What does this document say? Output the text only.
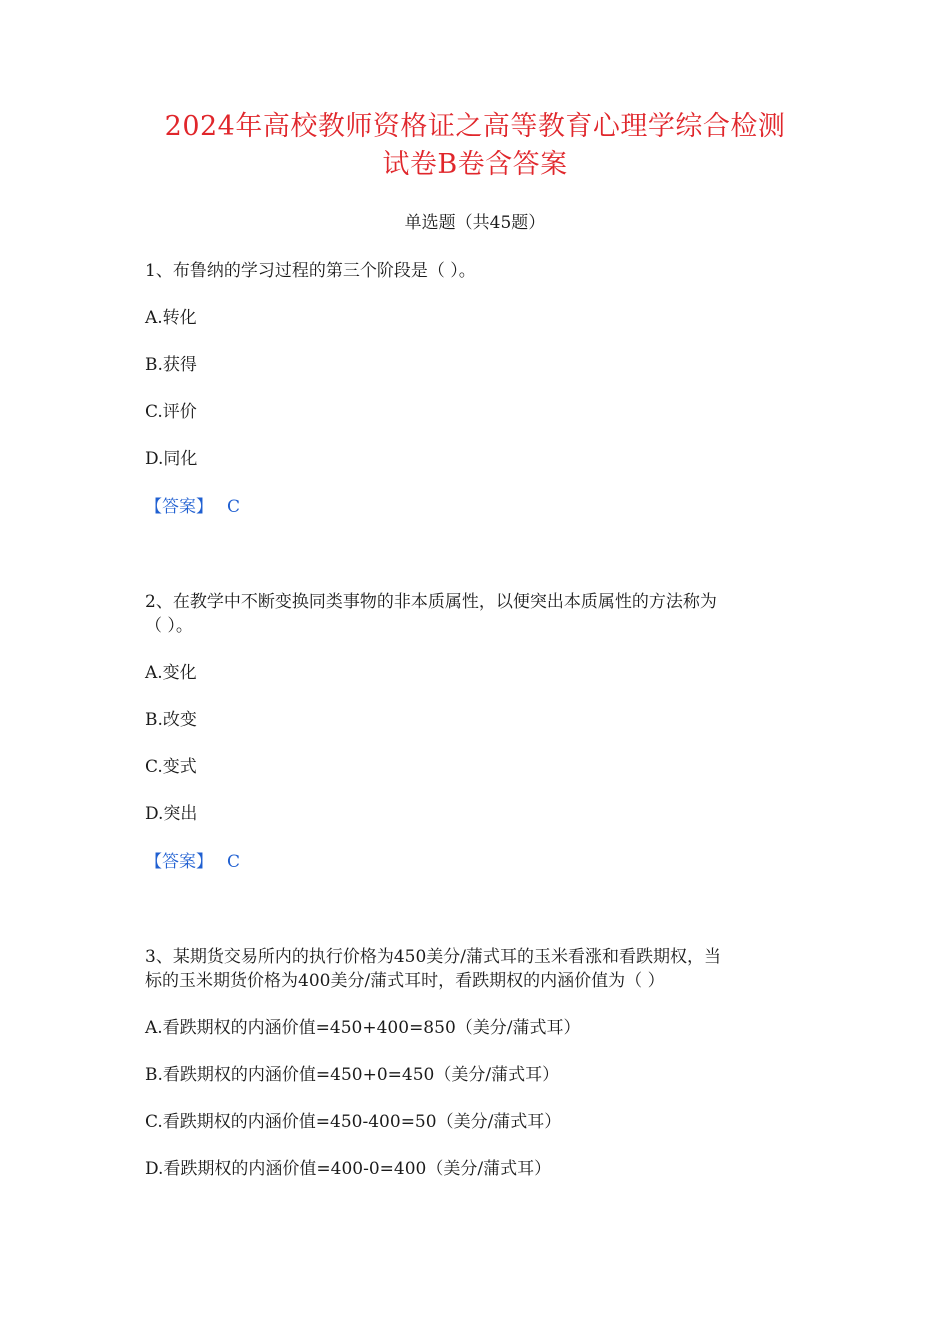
2024年高校教师资格证之高等教育心理学综合检测
试卷B卷含答案
单选题（共45题）
1、布鲁纳的学习过程的第三个阶段是（ ）。
A.转化
B.获得
C.评价
D.同化
【答案】 C
2、在教学中不断变换同类事物的非本质属性，以便突出本质属性的方法称为
（ ）。
A.变化
B.改变
C.变式
D.突出
【答案】 C
3、某期货交易所内的执行价格为450美分/蒲式耳的玉米看涨和看跌期权，当
标的玉米期货价格为400美分/蒲式耳时，看跌期权的内涵价值为（ ）
A.看跌期权的内涵价值=450+400=850（美分/蒲式耳）
B.看跌期权的内涵价值=450+0=450（美分/蒲式耳）
C.看跌期权的内涵价值=450-400=50（美分/蒲式耳）
D.看跌期权的内涵价值=400-0=400（美分/蒲式耳）
